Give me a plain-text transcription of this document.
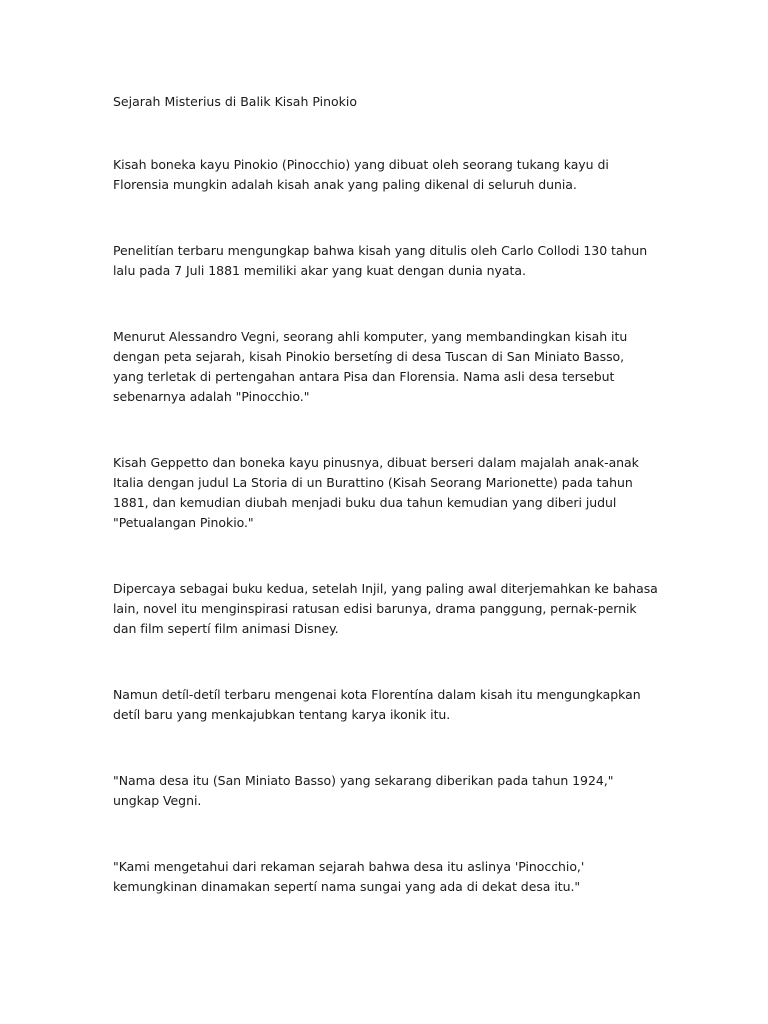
Sejarah Misterius di Balik Kisah Pinokio

Kisah boneka kayu Pinokio (Pinocchio) yang dibuat oleh seorang tukang kayu di Florensia mungkin adalah kisah anak yang paling dikenal di seluruh dunia.

Penelitían terbaru mengungkap bahwa kisah yang ditulis oleh Carlo Collodi 130 tahun lalu pada 7 Juli 1881 memiliki akar yang kuat dengan dunia nyata.

Menurut Alessandro Vegni, seorang ahli komputer, yang membandingkan kisah itu dengan peta sejarah, kisah Pinokio bersetíng di desa Tuscan di San Miniato Basso, yang terletak di pertengahan antara Pisa dan Florensia. Nama asli desa tersebut sebenarnya adalah "Pinocchio."

Kisah Geppetto dan boneka kayu pinusnya, dibuat berseri dalam majalah anak-anak Italia dengan judul La Storia di un Burattino (Kisah Seorang Marionette) pada tahun 1881, dan kemudian diubah menjadi buku dua tahun kemudian yang diberi judul "Petualangan Pinokio."

Dipercaya sebagai buku kedua, setelah Injil, yang paling awal diterjemahkan ke bahasa lain, novel itu menginspirasi ratusan edisi barunya, drama panggung, pernak-pernik dan film sepertí film animasi Disney.

Namun detíl-detíl terbaru mengenai kota Florentína dalam kisah itu mengungkapkan detíl baru yang menkajubkan tentang karya ikonik itu.

"Nama desa itu (San Miniato Basso) yang sekarang diberikan pada tahun 1924," ungkap Vegni.

"Kami mengetahui dari rekaman sejarah bahwa desa itu aslinya 'Pinocchio,' kemungkinan dinamakan sepertí nama sungai yang ada di dekat desa itu."
